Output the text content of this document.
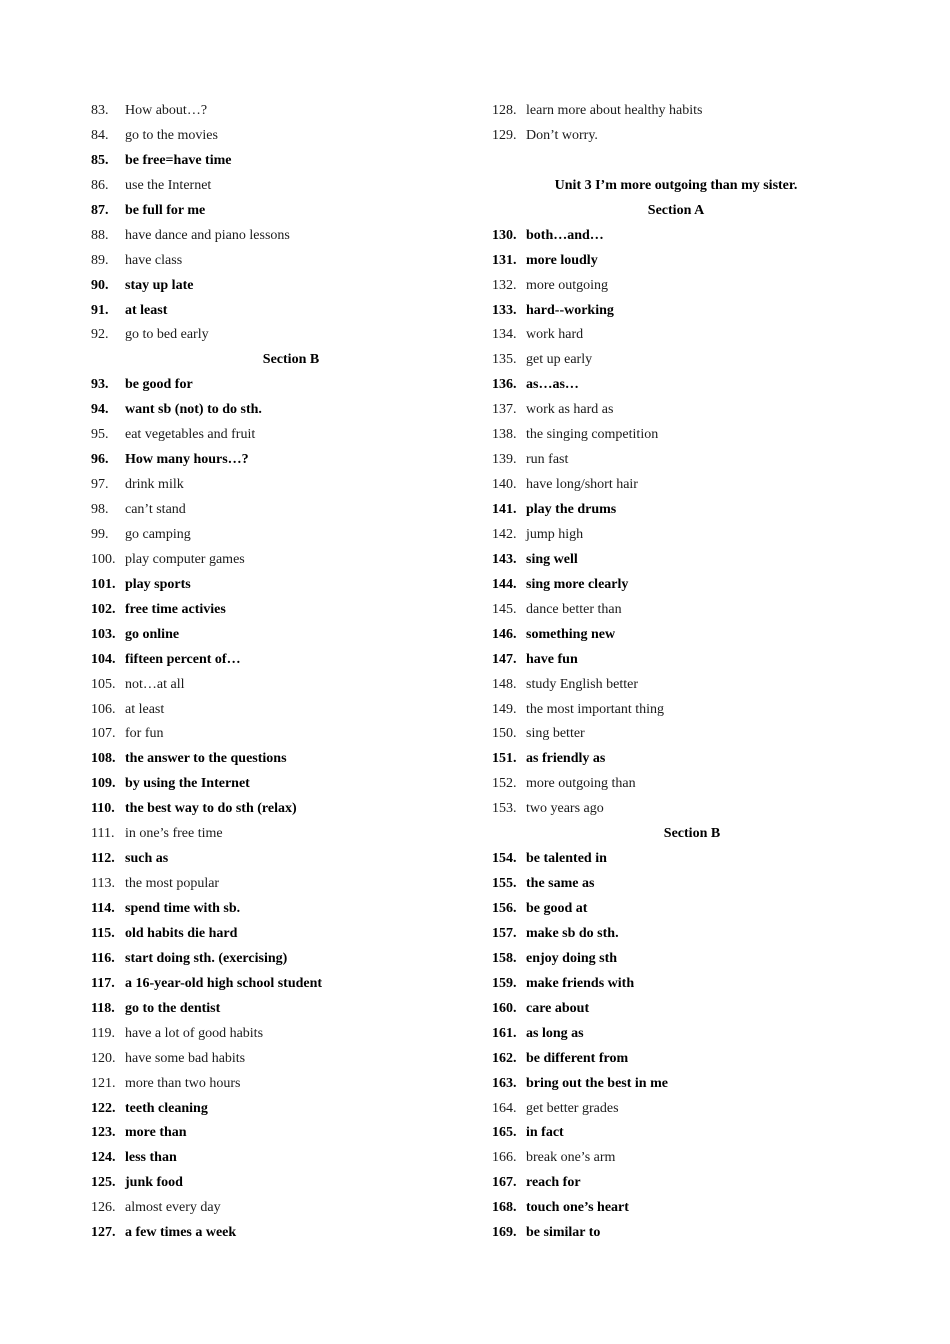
83. How about…?
84. go to the movies
85. be free=have time
86. use the Internet
87. be full for me
88. have dance and piano lessons
89. have class
90. stay up late
91. at least
92. go to bed early
Section B
93. be good for
94. want sb (not) to do sth.
95. eat vegetables and fruit
96. How many hours…?
97. drink milk
98. can’t stand
99. go camping
100. play computer games
101. play sports
102. free time activies
103. go online
104. fifteen percent of…
105. not…at all
106. at least
107. for fun
108. the answer to the questions
109. by using the Internet
110. the best way to do sth (relax)
111. in one’s free time
112. such as
113. the most popular
114. spend time with sb.
115. old habits die hard
116. start doing sth. (exercising)
117. a 16-year-old high school student
118. go to the dentist
119. have a lot of good habits
120. have some bad habits
121. more than two hours
122. teeth cleaning
123. more than
124. less than
125. junk food
126. almost every day
127. a few times a week
128. learn more about healthy habits
129. Don’t worry.
Unit 3 I’m more outgoing than my sister.
Section A
130. both…and…
131. more loudly
132. more outgoing
133. hard--working
134. work hard
135. get up early
136. as…as…
137. work as hard as
138. the singing competition
139. run fast
140. have long/short hair
141. play the drums
142. jump high
143. sing well
144. sing more clearly
145. dance better than
146. something new
147. have fun
148. study English better
149. the most important thing
150. sing better
151. as friendly as
152. more outgoing than
153. two years ago
Section B
154. be talented in
155. the same as
156. be good at
157. make sb do sth.
158. enjoy doing sth
159. make friends with
160. care about
161. as long as
162. be different from
163. bring out the best in me
164. get better grades
165. in fact
166. break one’s arm
167. reach for
168. touch one’s heart
169. be similar to
